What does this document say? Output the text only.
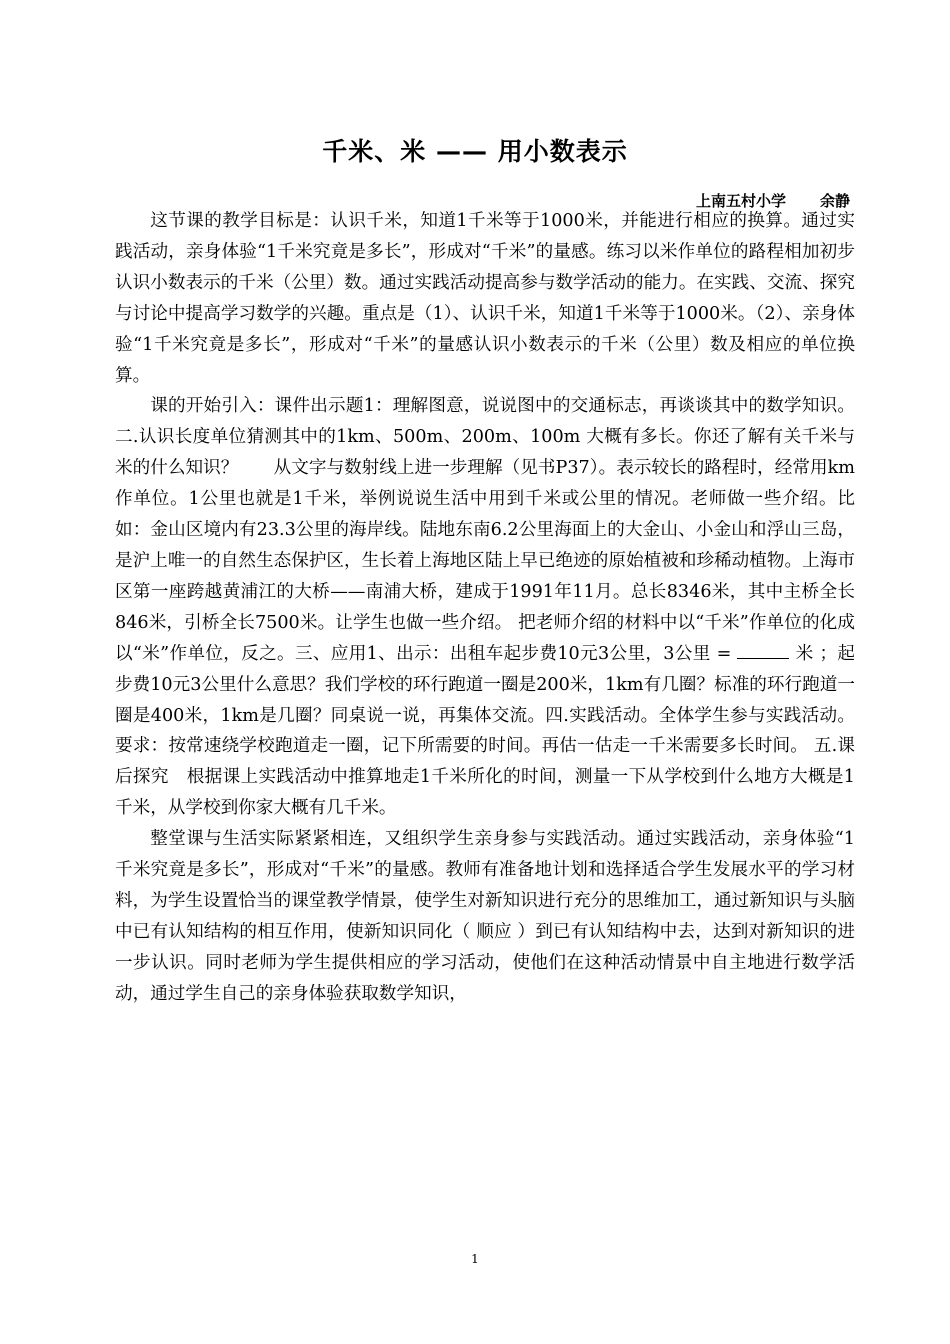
千米、米 —— 用小数表示
上南五村小学 余静

这节课的教学目标是：认识千米，知道1千米等于1000米，并能进行相应的换算。通过实践活动，亲身体验“1千米究竟是多长”，形成对“千米”的量感。练习以米作单位的路程相加初步认识小数表示的千米（公里）数。通过实践活动提高参与数学活动的能力。在实践、交流、探究与讨论中提高学习数学的兴趣。重点是（1）、认识千米，知道1千米等于1000米。（2）、亲身体验“1千米究竟是多长”，形成对“千米”的量感认识小数表示的千米（公里）数及相应的单位换算。

课的开始引入：课件出示题1：理解图意，说说图中的交通标志，再谈谈其中的数学知识。二.认识长度单位猜测其中的1km、500m、200m、100m 大概有多长。你还了解有关千米与米的什么知识？　　从文字与数射线上进一步理解（见书P37）。表示较长的路程时，经常用km作单位。1公里也就是1千米，举例说说生活中用到千米或公里的情况。老师做一些介绍。比如：金山区境内有23.3公里的海岸线。陆地东南6.2公里海面上的大金山、小金山和浮山三岛，是沪上唯一的自然生态保护区，生长着上海地区陆上早已绝迹的原始植被和珍稀动植物。上海市区第一座跨越黄浦江的大桥——南浦大桥，建成于1991年11月。总长8346米，其中主桥全长846米，引桥全长7500米。让学生也做一些介绍。 把老师介绍的材料中以“千米”作单位的化成以“米”作单位，反之。三、应用1、出示：出租车起步费10元3公里，3公里 =	米 ；起步费10元3公里什么意思？我们学校的环行跑道一圈是200米，1km有几圈？标准的环行跑道一圈是400米，1km是几圈？同桌说一说，再集体交流。四.实践活动。全体学生参与实践活动。要求：按常速绕学校跑道走一圈，记下所需要的时间。再估一估走一千米需要多长时间。 五.课后探究　根据课上实践活动中推算地走1千米所化的时间，测量一下从学校到什么地方大概是1千米，从学校到你家大概有几千米。

整堂课与生活实际紧紧相连，又组织学生亲身参与实践活动。通过实践活动，亲身体验“1千米究竟是多长”，形成对“千米”的量感。教师有准备地计划和选择适合学生发展水平的学习材料，为学生设置恰当的课堂教学情景，使学生对新知识进行充分的思维加工，通过新知识与头脑中已有认知结构的相互作用，使新知识同化（ 顺应 ）到已有认知结构中去，达到对新知识的进一步认识。同时老师为学生提供相应的学习活动，使他们在这种活动情景中自主地进行数学活动，通过学生自己的亲身体验获取数学知识，

1
